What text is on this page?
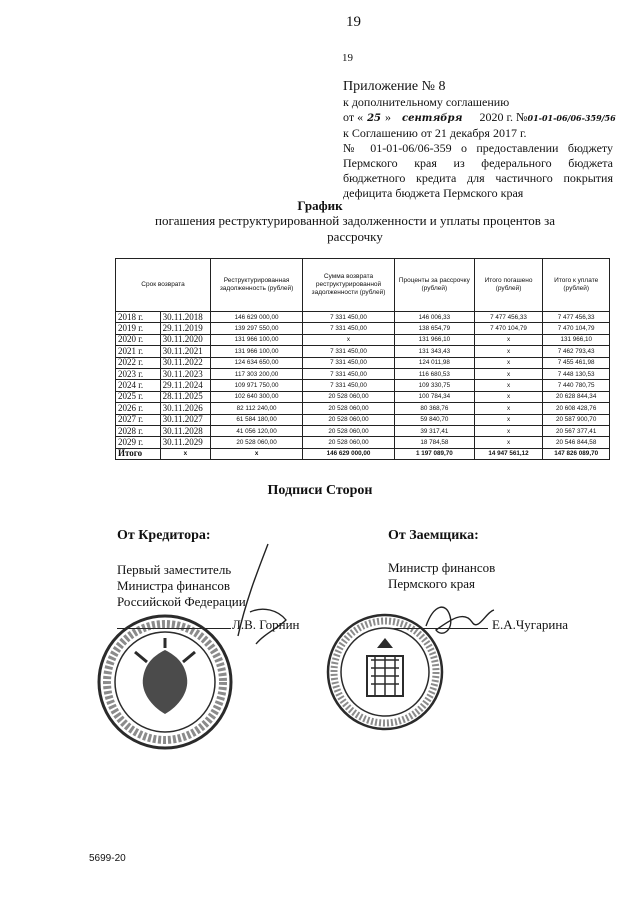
19
19
Приложение № 8
к дополнительному соглашению
от « 25 » сентября 2020 г. №01-01-06/06-359/56
к Соглашению от 21 декабря 2017 г.
№ 01-01-06/06-359 о предоставлении бюджету Пермского края из федерального бюджета бюджетного кредита для частичного покрытия дефицита бюджета Пермского края
График
погашения реструктурированной задолженности и уплаты процентов за рассрочку
Срок возврата		Реструктурированная задолженность (рублей)	Сумма возврата реструктурированной задолженности (рублей)	Проценты за рассрочку (рублей)	Итого погашено (рублей)	Итого к уплате (рублей)
2018 г.	30.11.2018	146 629 000,00	7 331 450,00	146 006,33	7 477 456,33	7 477 456,33
2019 г.	29.11.2019	139 297 550,00	7 331 450,00	138 654,79	7 470 104,79	7 470 104,79
2020 г.	30.11.2020	131 966 100,00	х	131 966,10	х	131 966,10
2021 г.	30.11.2021	131 966 100,00	7 331 450,00	131 343,43	х	7 462 793,43
2022 г.	30.11.2022	124 634 650,00	7 331 450,00	124 011,98	х	7 455 461,98
2023 г.	30.11.2023	117 303 200,00	7 331 450,00	116 680,53	х	7 448 130,53
2024 г.	29.11.2024	109 971 750,00	7 331 450,00	109 330,75	х	7 440 780,75
2025 г.	28.11.2025	102 640 300,00	20 528 060,00	100 784,34	х	20 628 844,34
2026 г.	30.11.2026	82 112 240,00	20 528 060,00	80 368,76	х	20 608 428,76
2027 г.	30.11.2027	61 584 180,00	20 528 060,00	59 840,70	х	20 587 900,70
2028 г.	30.11.2028	41 056 120,00	20 528 060,00	39 317,41	х	20 567 377,41
2029 г.	30.11.2029	20 528 060,00	20 528 060,00	18 784,58	х	20 546 844,58
Итого	х	х	146 629 000,00	1 197 089,70	14 947 561,12	147 826 089,70
Подписи Сторон
От Кредитора:
Первый заместитель
Министра финансов
Российской Федерации
Л.В. Горнин
От Заемщика:
Министр финансов
Пермского края
Е.А.Чугарина
5699-20
